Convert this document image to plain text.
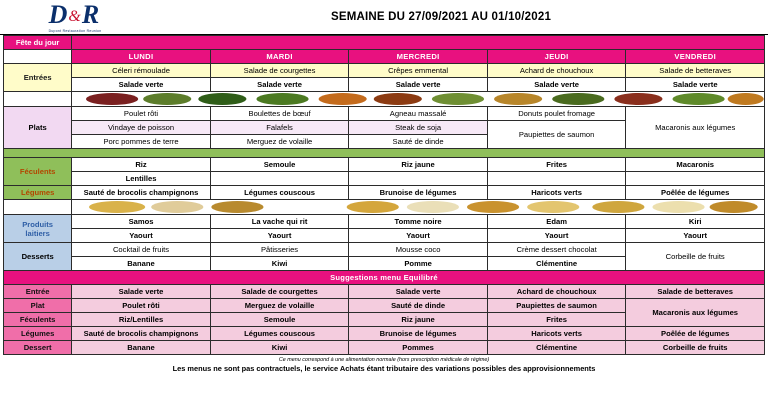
D & R
Dupont Restauration Reunion
SEMAINE DU 27/09/2021 AU 01/10/2021
Fête du jour					
	LUNDI	MARDI	MERCREDI	JEUDI	VENDREDI
Entrées	Céleri rémoulade	Salade de courgettes	Crêpes emmental	Achard de chouchoux	Salade de betteraves
	Salade verte	Salade verte	Salade verte	Salade verte	Salade verte

Plats	Poulet rôti	Boulettes de bœuf	Agneau massalé	Donuts poulet fromage	Macaronis aux légumes
	Vindaye de poisson	Falafels	Steak de soja	Paupiettes de saumon	
	Porc pommes de terre	Merguez de volaille	Sauté de dinde		

Féculents	Riz	Semoule	Riz jaune	Frites	Macaronis
	Lentilles				
Légumes	Sauté de brocolis champignons	Légumes couscous	Brunoise de légumes	Haricots verts	Poêlée de légumes

Produits
laitiers	Samos	La vache qui rit	Tomme noire	Edam	Kiri
	Yaourt	Yaourt	Yaourt	Yaourt	Yaourt
Desserts	Cocktail de fruits	Pâtisseries	Mousse coco	Crème dessert chocolat	Corbeille de fruits
	Banane	Kiwi	Pomme	Clémentine	
Suggestions menu Equilibré					
Entrée	Salade verte	Salade de courgettes	Salade verte	Achard de chouchoux	Salade de betteraves
Plat	Poulet rôti	Merguez de volaille	Sauté de dinde	Paupiettes de saumon	Macaronis aux légumes
Féculents	Riz/Lentilles	Semoule	Riz jaune	Frites	
Légumes	Sauté de brocolis champignons	Légumes couscous	Brunoise de légumes	Haricots verts	Poêlée de légumes
Dessert	Banane	Kiwi	Pommes	Clémentine	Corbeille de fruits
Ce menu correspond à une alimentation normale (hors prescription médicale de régime)
Les menus ne sont pas contractuels, le service Achats étant tributaire des variations possibles des approvisionnements
